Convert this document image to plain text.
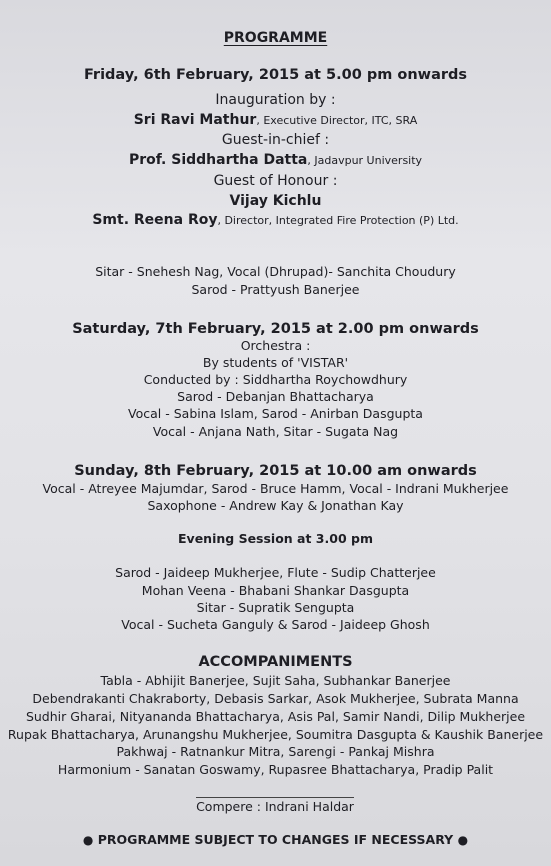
PROGRAMME
Friday, 6th February, 2015 at 5.00 pm onwards
Inauguration by :
Sri Ravi Mathur, Executive Director, ITC, SRA
Guest-in-chief :
Prof. Siddhartha Datta, Jadavpur University
Guest of Honour :
Vijay Kichlu
Smt. Reena Roy, Director, Integrated Fire Protection (P) Ltd.
Sitar - Snehesh Nag, Vocal (Dhrupad)- Sanchita Choudury
Sarod - Prattyush Banerjee
Saturday, 7th February, 2015 at 2.00 pm onwards
Orchestra :
By students of 'VISTAR'
Conducted by : Siddhartha Roychowdhury
Sarod - Debanjan Bhattacharya
Vocal - Sabina Islam, Sarod - Anirban Dasgupta
Vocal - Anjana Nath, Sitar - Sugata Nag
Sunday, 8th February, 2015 at 10.00 am onwards
Vocal - Atreyee Majumdar, Sarod - Bruce Hamm, Vocal - Indrani Mukherjee
Saxophone - Andrew Kay & Jonathan Kay
Evening Session at 3.00 pm
Sarod - Jaideep Mukherjee, Flute - Sudip Chatterjee
Mohan Veena - Bhabani Shankar Dasgupta
Sitar - Supratik Sengupta
Vocal - Sucheta Ganguly & Sarod - Jaideep Ghosh
ACCOMPANIMENTS
Tabla - Abhijit Banerjee, Sujit Saha, Subhankar Banerjee
Debendrakanti Chakraborty, Debasis Sarkar, Asok Mukherjee, Subrata Manna
Sudhir Gharai, Nityananda Bhattacharya, Asis Pal, Samir Nandi, Dilip Mukherjee
Rupak Bhattacharya, Arunangshu Mukherjee, Soumitra Dasgupta & Kaushik Banerjee
Pakhwaj - Ratnankur Mitra, Sarengi - Pankaj Mishra
Harmonium - Sanatan Goswamy, Rupasree Bhattacharya, Pradip Palit
Compere : Indrani Haldar
● PROGRAMME SUBJECT TO CHANGES IF NECESSARY ●
